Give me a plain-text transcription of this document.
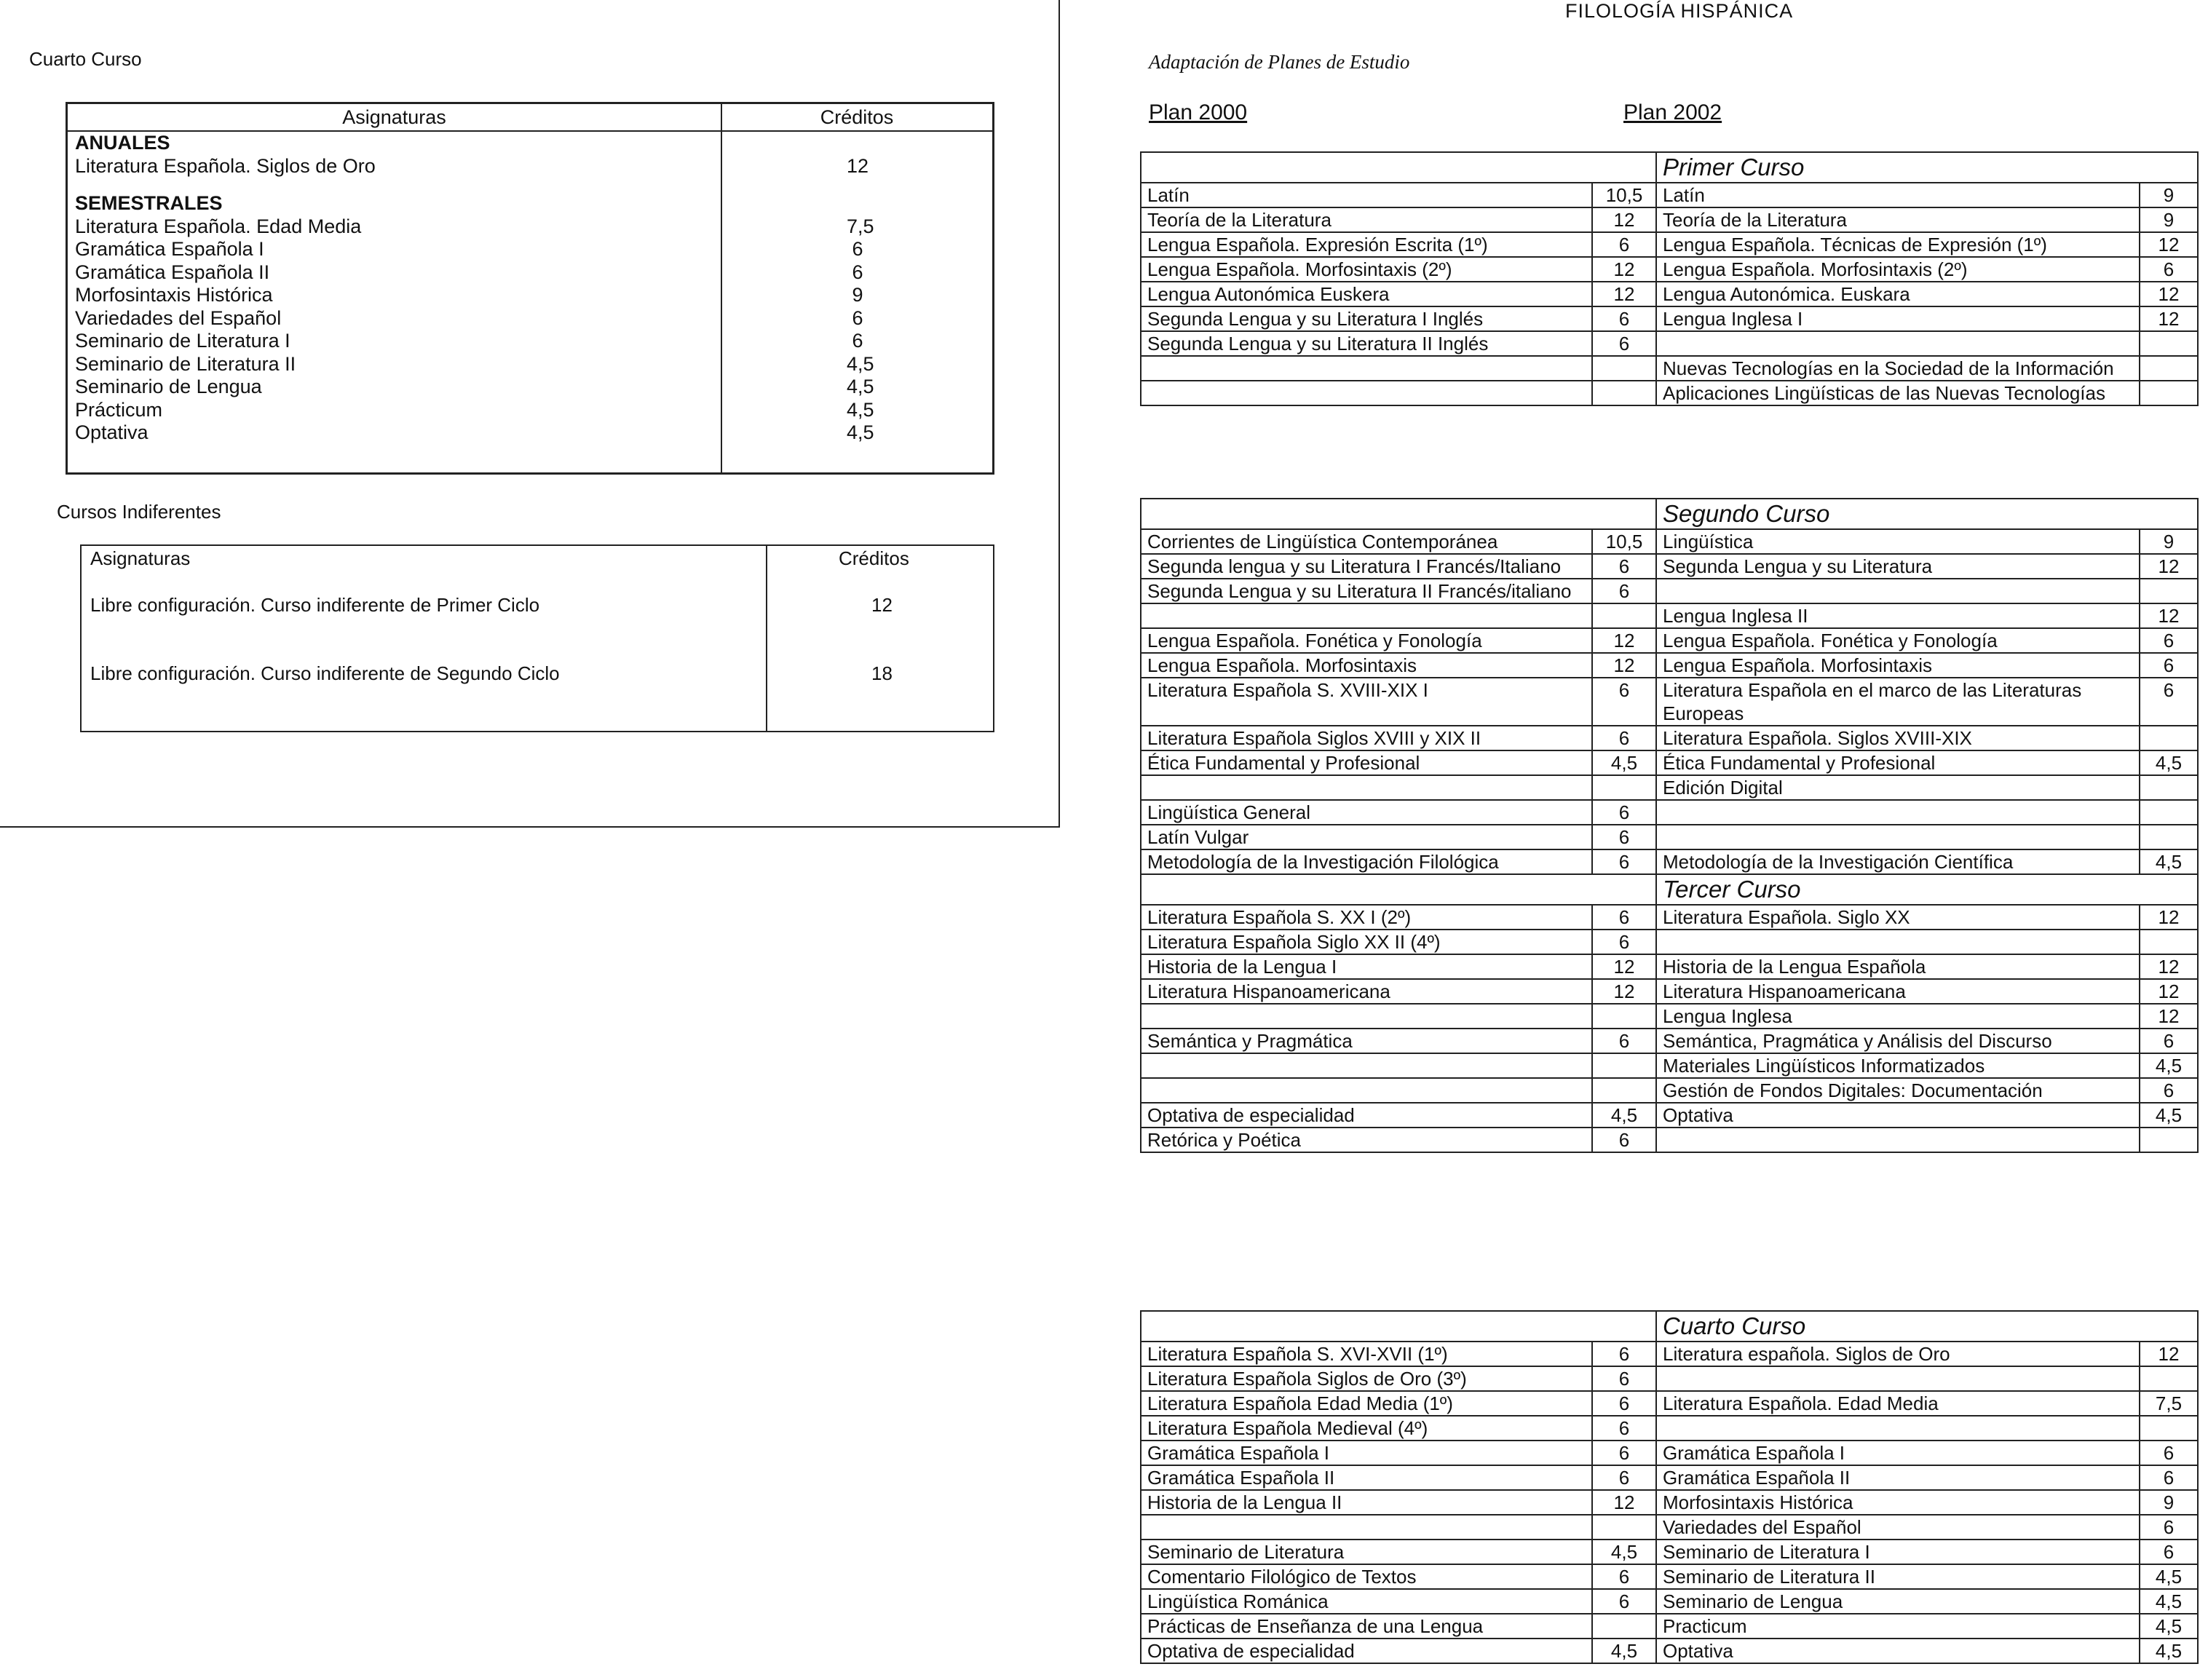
Cuarto Curso
Asignaturas	Créditos
ANUALES
Literatura Española. Siglos de Oro	12
SEMESTRALES
Literatura Española. Edad Media	7,5
Gramática Española I	6
Gramática Española II	6
Morfosintaxis Histórica	9
Variedades del Español	6
Seminario de Literatura I	6
Seminario de Literatura II	4,5
Seminario de Lengua	4,5
Prácticum	4,5
Optativa	4,5
Cursos Indiferentes
Asignaturas	Créditos
Libre configuración. Curso indiferente de Primer Ciclo	12
Libre configuración. Curso indiferente de Segundo Ciclo	18
FILOLOGÍA HISPÁNICA
Adaptación de Planes de Estudio
Plan 2000	Plan 2002
		Primer Curso	
Latín	10,5	Latín	9
Teoría de la Literatura	12	Teoría de la Literatura	9
Lengua Española. Expresión Escrita (1º)	6	Lengua Española. Técnicas de Expresión (1º)	12
Lengua Española. Morfosintaxis (2º)	12	Lengua Española. Morfosintaxis (2º)	6
Lengua Autonómica Euskera	12	Lengua Autonómica. Euskara	12
Segunda Lengua y su Literatura I Inglés	6	Lengua Inglesa I	12
Segunda Lengua y su Literatura II Inglés	6		
		Nuevas Tecnologías en la Sociedad de la Información	
		Aplicaciones Lingüísticas de las Nuevas Tecnologías	
		Segundo Curso	
Corrientes de Lingüística Contemporánea	10,5	Lingüística	9
Segunda lengua y su Literatura I Francés/Italiano	6	Segunda Lengua y su Literatura	12
Segunda Lengua y su Literatura II Francés/italiano	6		
		Lengua Inglesa II	12
Lengua Española. Fonética y Fonología	12	Lengua Española. Fonética y Fonología	6
Lengua Española. Morfosintaxis	12	Lengua Española. Morfosintaxis	6
Literatura Española S. XVIII-XIX I	6	Literatura Española en el marco de las Literaturas Europeas	6
Literatura Española Siglos XVIII y XIX II	6	Literatura Española. Siglos XVIII-XIX	
Ética Fundamental y Profesional	4,5	Ética Fundamental y Profesional	4,5
		Edición Digital	
Lingüística General	6		
Latín Vulgar	6		
Metodología de la Investigación Filológica	6	Metodología de la Investigación Científica	4,5
		Tercer Curso	
Literatura Española S. XX I (2º)	6	Literatura Española. Siglo XX	12
Literatura Española Siglo XX II (4º)	6		
Historia de la Lengua I	12	Historia de la Lengua Española	12
Literatura Hispanoamericana	12	Literatura Hispanoamericana	12
		Lengua Inglesa	12
Semántica y Pragmática	6	Semántica, Pragmática y Análisis del Discurso	6
		Materiales Lingüísticos Informatizados	4,5
		Gestión de Fondos Digitales: Documentación	6
Optativa de especialidad	4,5	Optativa	4,5
Retórica y Poética	6		
		Cuarto Curso	
Literatura Española S. XVI-XVII (1º)	6	Literatura española. Siglos de Oro	12
Literatura Española Siglos de Oro (3º)	6		
Literatura Española Edad Media (1º)	6	Literatura Española. Edad Media	7,5
Literatura Española Medieval (4º)	6		
Gramática Española I	6	Gramática Española I	6
Gramática Española II	6	Gramática Española II	6
Historia de la Lengua II	12	Morfosintaxis Histórica	9
		Variedades del Español	6
Seminario de Literatura	4,5	Seminario de Literatura I	6
Comentario Filológico de Textos	6	Seminario de Literatura II	4,5
Lingüística Románica	6	Seminario de Lengua	4,5
Prácticas de Enseñanza de una Lengua		Practicum	4,5
Optativa de especialidad	4,5	Optativa	4,5
